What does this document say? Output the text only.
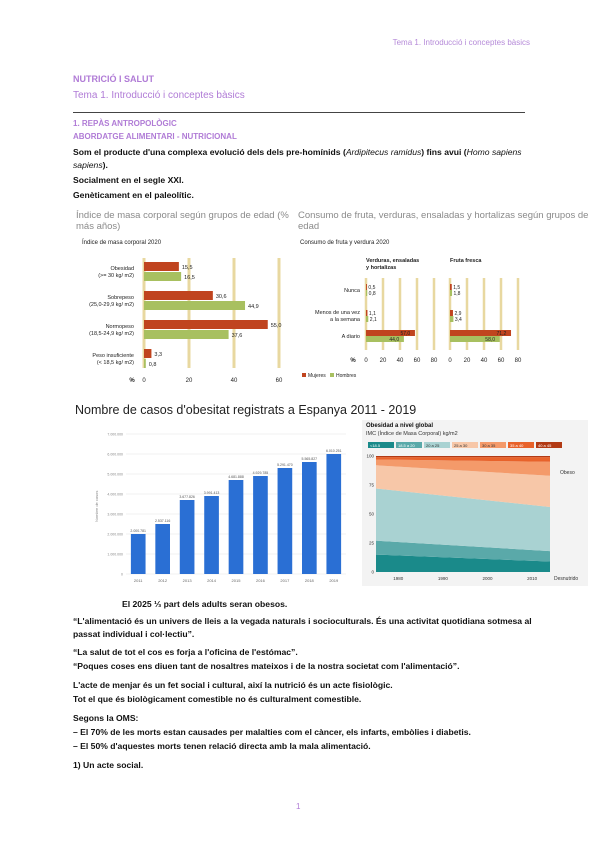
Tema 1. Introducció i conceptes bàsics
NUTRICIÓ I SALUT
Tema 1. Introducció i conceptes bàsics
1. REPÀS ANTROPOLÒGIC
ABORDATGE ALIMENTARI - NUTRICIONAL
Som el producte d'una complexa evolució dels dels pre-homínids (Ardipitecus ramidus) fins avui (Homo sapiens
sapiens).
Socialment en el segle XXI.
Genèticament en el paleolític.
Índice de masa corporal según grupos de edad (% más años)
Índice de masa corporal 2020
0	20	40	60
%
Obesidad
(>= 30 kg/ m2)
15,5
16,5
Sobrepeso
(25,0-29,9 kg/ m2)
30,6
44,9
Normopeso
(18,5-24,9 kg/ m2)
55,0
37,6
Peso insuficiente
(< 18,5 kg/ m2)
3,3
0,8
Consumo de fruta, verduras, ensaladas y hortalizas según grupos de edad
Consumo de fruta y verdura 2020
Nunca
Menos de una vez
a la semana
A diario
0 20 40 60 80
Verduras, ensaladas
y hortalizas
0,5
0,8
1,1
2,1
57,0
44,0
0 20 40 60 80
Fruta fresca
1,5
1,8
2,9
3,4
71,2
58,0
%
Mujeres Hombres
Nombre de casos d'obesitat registrats a Espanya 2011 - 2019
0
1.000.000
2.000.000
3.000.000
4.000.000
5.000.000
6.000.000
7.000.000
Nombre de casos
2.000.781
2011
2.537.116
2012
3.677.826
2013
3.991.413
2014
4.681.888
2015
4.929.785
2016
5.291.470
2017
5.565.827
2018
6.010.251
2019
Obesidad a nivel global
IMC (Índice de Masa Corporal) kg/m2
<18.5	18.5 a 20	20 a 25	25 a 30	30 a 35	35 a 40	40 a 45
0
25
50
75
100
1980	1990	2000	2010
Obeso
Desnutrido
El 2025 ⅓ part dels adults seran obesos.
“L'alimentació és un univers de lleis a la vegada naturals i socioculturals. És una activitat quotidiana sotmesa al passat individual i col·lectiu”.
“La salut de tot el cos es forja a l'oficina de l'estómac”.
“Poques coses ens diuen tant de nosaltres mateixos i de la nostra societat com l'alimentació”.
L'acte de menjar és un fet social i cultural, així la nutrició és un acte fisiològic.
Tot el que és biològicament comestible no és culturalment comestible.
Segons la OMS:
– El 70% de les morts estan causades per malalties com el càncer, els infarts, embòlies i diabetis.
– El 50% d'aquestes morts tenen relació directa amb la mala alimentació.
1) Un acte social.
1
